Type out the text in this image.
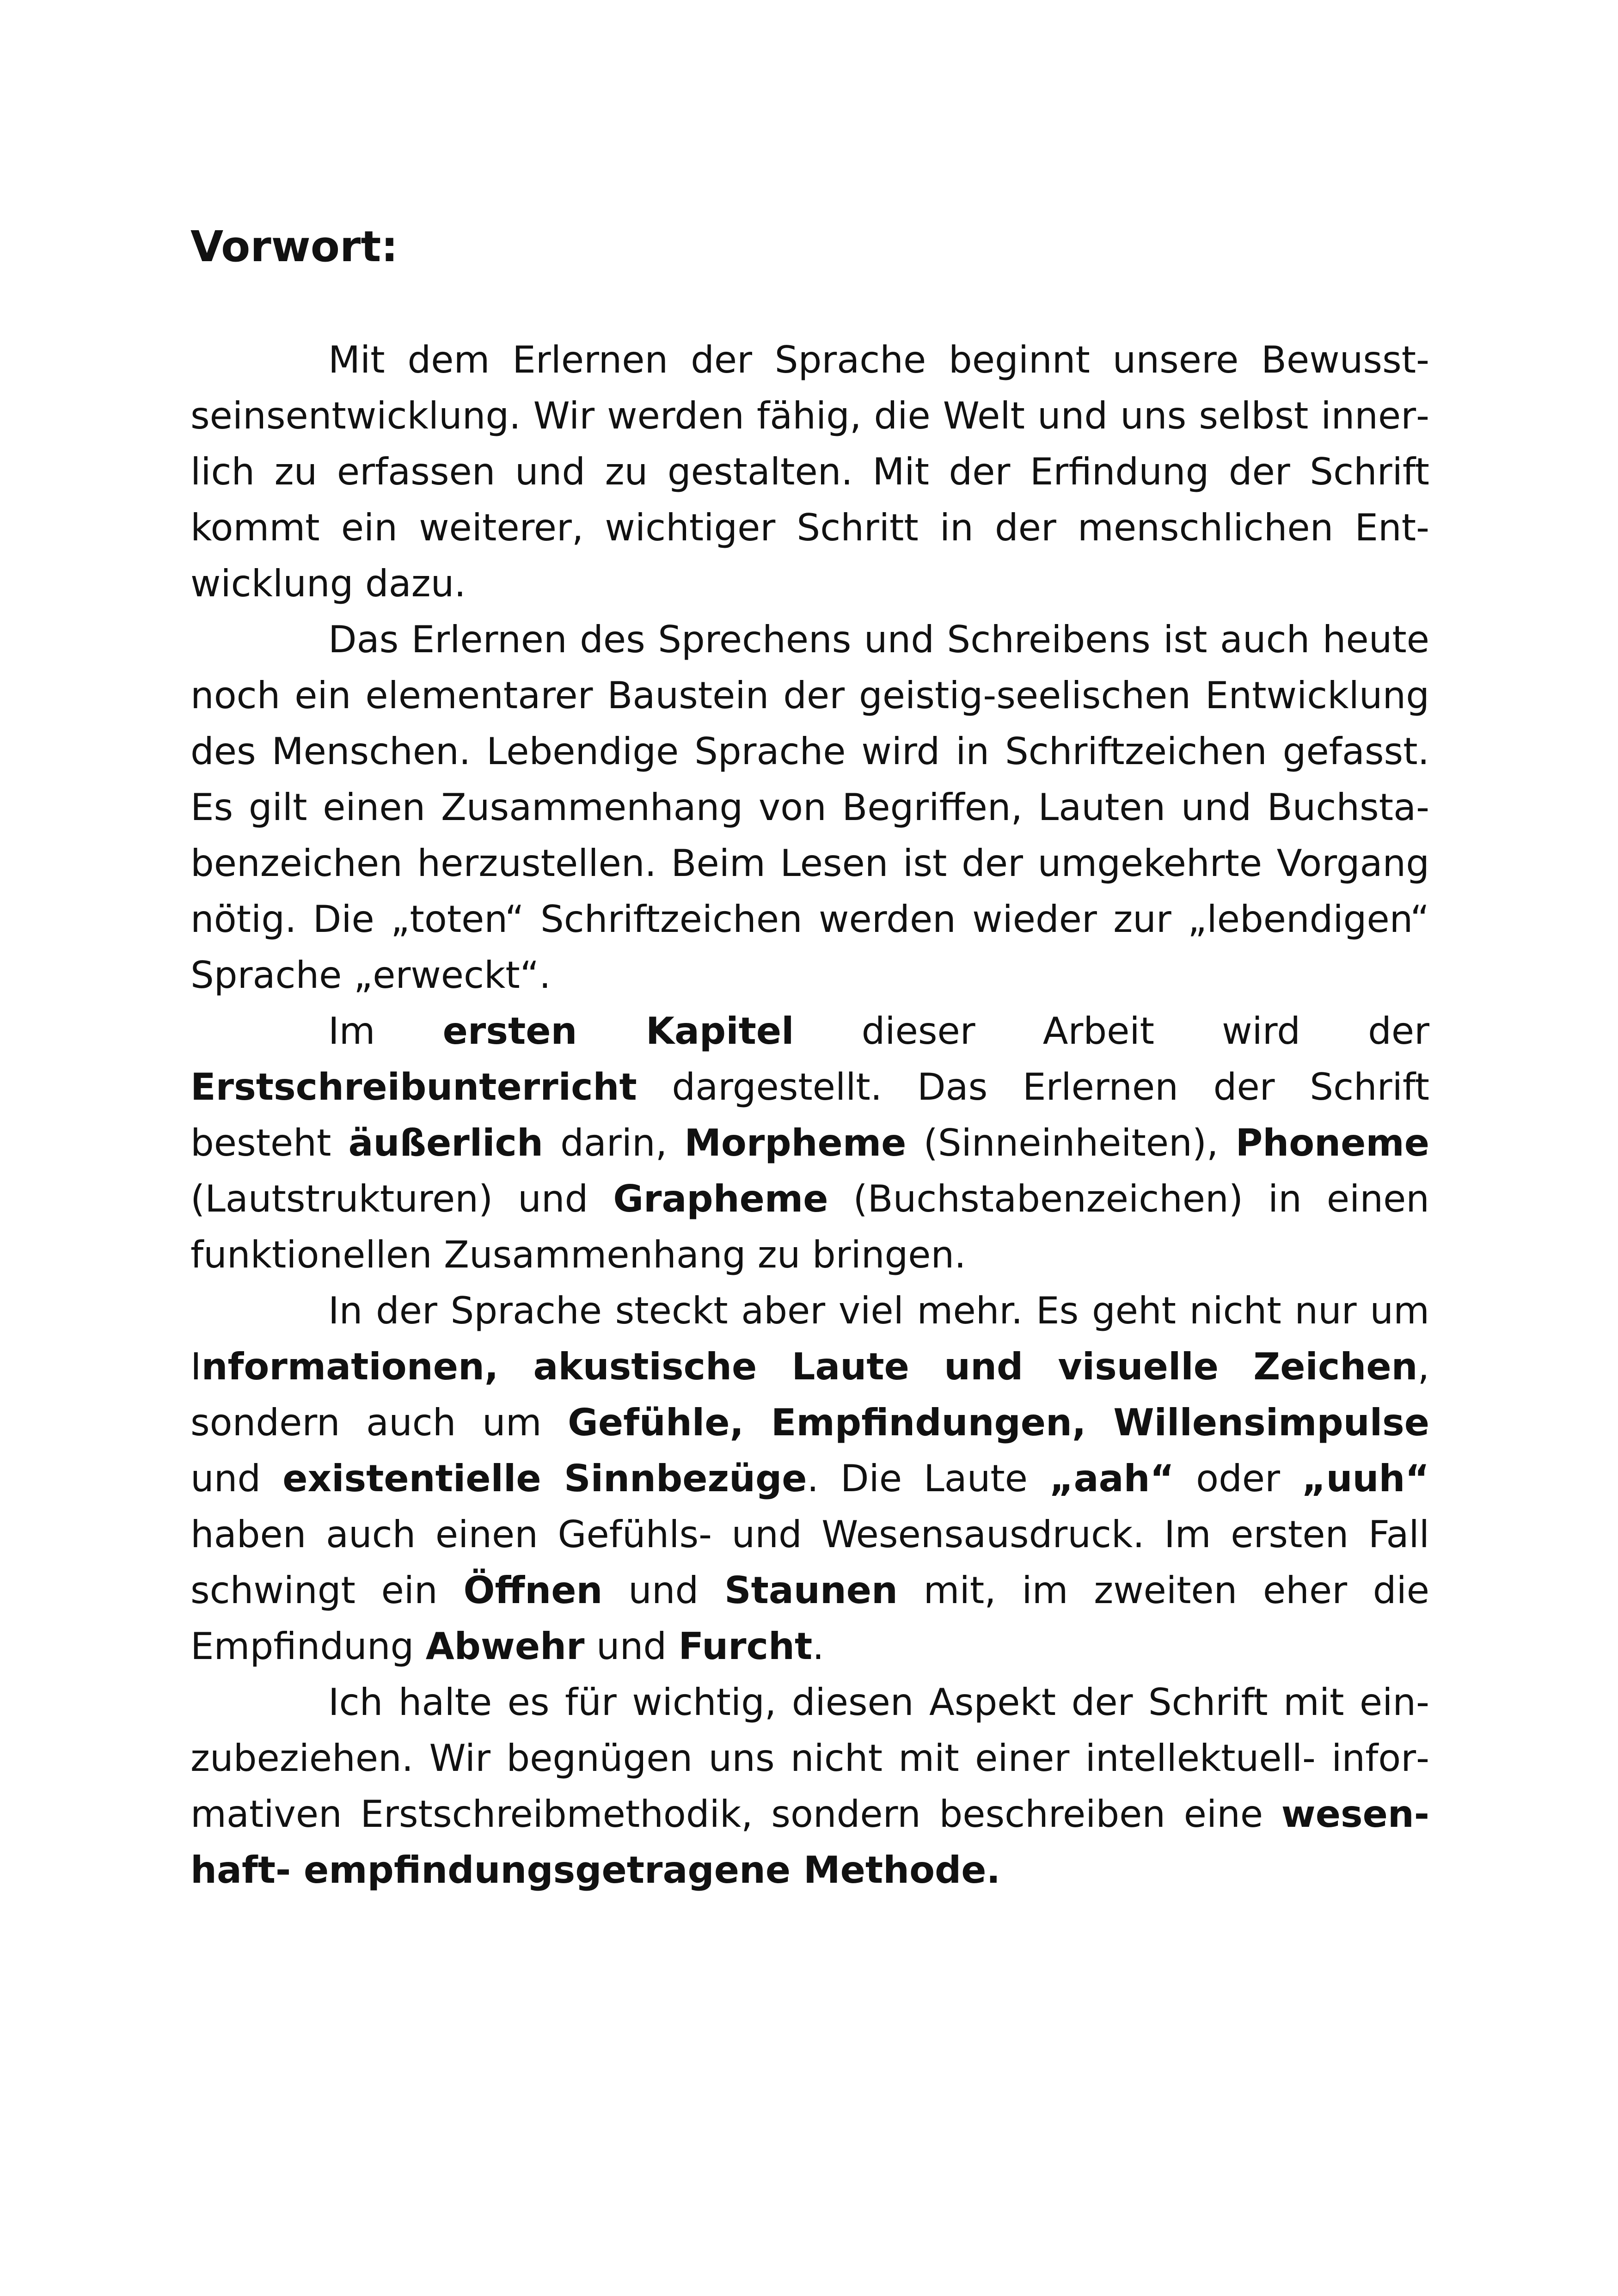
Vorwort:

Mit dem Erlernen der Sprache beginnt unsere Bewusstseinsentwicklung. Wir werden fähig, die Welt und uns selbst innerlich zu erfassen und zu gestalten. Mit der Erfindung der Schrift kommt ein weiterer, wichtiger Schritt in der menschlichen Entwicklung dazu.

Das Erlernen des Sprechens und Schreibens ist auch heute noch ein elementarer Baustein der geistig-seelischen Entwicklung des Menschen. Lebendige Sprache wird in Schriftzeichen gefasst. Es gilt einen Zusammenhang von Begriffen, Lauten und Buchstabenzeichen herzustellen. Beim Lesen ist der umgekehrte Vorgang nötig. Die „toten“ Schriftzeichen werden wieder zur „lebendigen“ Sprache „erweckt“.

Im ersten Kapitel dieser Arbeit wird der Erstschreibunterricht dargestellt. Das Erlernen der Schrift besteht äußerlich darin, Morpheme (Sinneinheiten), Phoneme (Lautstrukturen) und Grapheme (Buchstabenzeichen) in einen funktionellen Zusammenhang zu bringen.

In der Sprache steckt aber viel mehr. Es geht nicht nur um Informationen, akustische Laute und visuelle Zeichen, sondern auch um Gefühle, Empfindungen, Willensimpulse und existentielle Sinnbezüge. Die Laute „aah“ oder „uuh“ haben auch einen Gefühls- und Wesensausdruck. Im ersten Fall schwingt ein Öffnen und Staunen mit, im zweiten eher die Empfindung Abwehr und Furcht.

Ich halte es für wichtig, diesen Aspekt der Schrift mit einzubeziehen. Wir begnügen uns nicht mit einer intellektuell- informativen Erstschreibmethodik, sondern beschreiben eine wesenhaft- empfindungsgetragene Methode.
